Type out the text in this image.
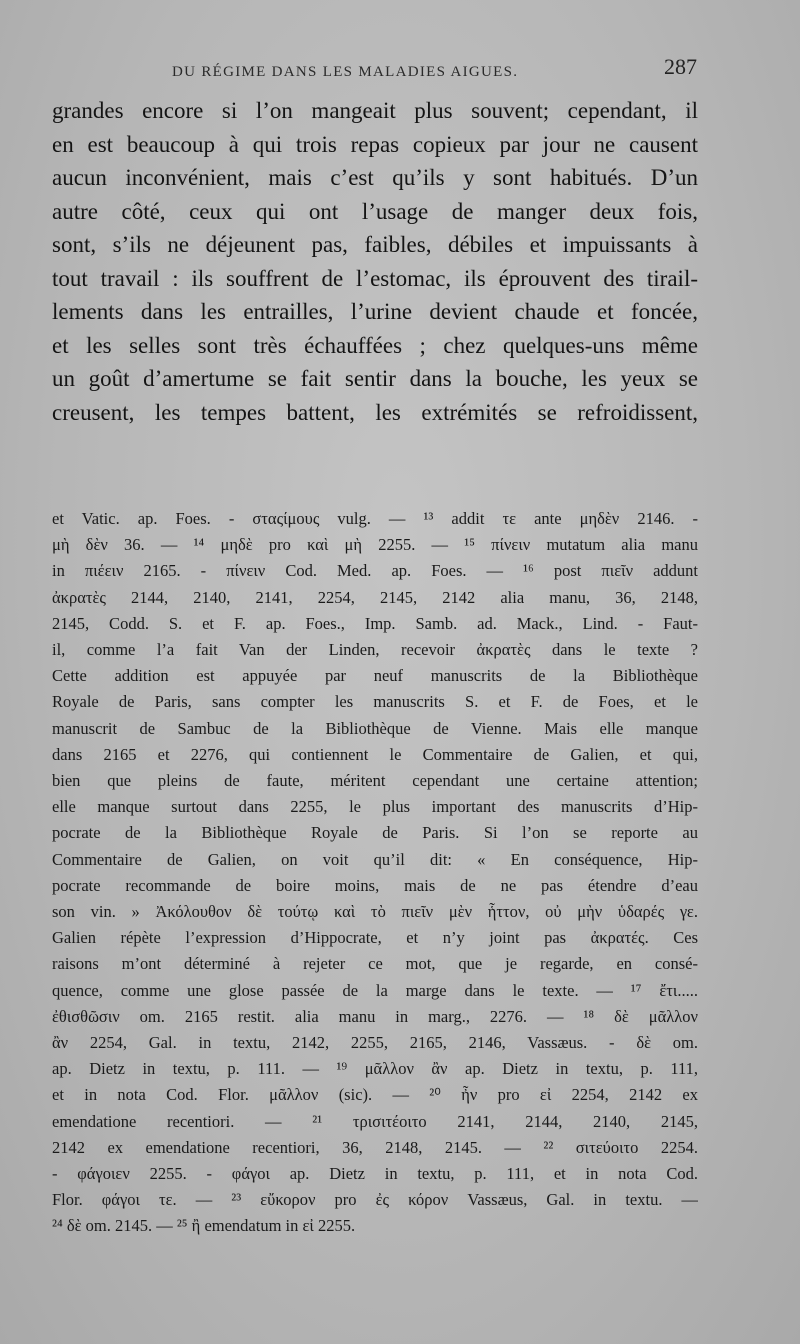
DU RÉGIME DANS LES MALADIES AIGUES.	287
grandes encore si l’on mangeait plus souvent; cependant, il
en est beaucoup à qui trois repas copieux par jour ne causent
aucun inconvénient, mais c’est qu’ils y sont habitués. D’un
autre côté, ceux qui ont l’usage de manger deux fois,
sont, s’ils ne déjeunent pas, faibles, débiles et impuissants à
tout travail : ils souffrent de l’estomac, ils éprouvent des tirail-
lements dans les entrailles, l’urine devient chaude et foncée,
et les selles sont très échauffées ; chez quelques-uns même
un goût d’amertume se fait sentir dans la bouche, les yeux se
creusent, les tempes battent, les extrémités se refroidissent,
et Vatic. ap. Foes. - σταςίμους vulg. — ¹³ addit τε ante μηδὲν 2146. -
μὴ δὲν 36. — ¹⁴ μηδὲ pro καὶ μὴ 2255. — ¹⁵ πίνειν mutatum alia manu
in πιέειν 2165. - πίνειν Cod. Med. ap. Foes. — ¹⁶ post πιεῖν addunt
ἀκρατὲς 2144, 2140, 2141, 2254, 2145, 2142 alia manu, 36, 2148,
2145, Codd. S. et F. ap. Foes., Imp. Samb. ad. Mack., Lind. - Faut-
il, comme l’a fait Van der Linden, recevoir ἀκρατὲς dans le texte ?
Cette addition est appuyée par neuf manuscrits de la Bibliothèque
Royale de Paris, sans compter les manuscrits S. et F. de Foes, et le
manuscrit de Sambuc de la Bibliothèque de Vienne. Mais elle manque
dans 2165 et 2276, qui contiennent le Commentaire de Galien, et qui,
bien que pleins de faute, méritent cependant une certaine attention;
elle manque surtout dans 2255, le plus important des manuscrits d’Hip-
pocrate de la Bibliothèque Royale de Paris. Si l’on se reporte au
Commentaire de Galien, on voit qu’il dit: « En conséquence, Hip-
pocrate recommande de boire moins, mais de ne pas étendre d’eau
son vin. » Ἀκόλουθον δὲ τούτῳ καὶ τὸ πιεῖν μὲν ἧττον, οὐ μὴν ὑδαρές γε.
Galien répète l’expression d’Hippocrate, et n’y joint pas ἀκρατές. Ces
raisons m’ont déterminé à rejeter ce mot, que je regarde, en consé-
quence, comme une glose passée de la marge dans le texte. — ¹⁷ ἔτι.....
ἐθισθῶσιν om. 2165 restit. alia manu in marg., 2276. — ¹⁸ δὲ μᾶλλον
ἂν 2254, Gal. in textu, 2142, 2255, 2165, 2146, Vassæus. - δὲ om.
ap. Dietz in textu, p. 111. — ¹⁹ μᾶλλον ἂν ap. Dietz in textu, p. 111,
et in nota Cod. Flor. μᾶλλον (sic). — ²⁰ ἦν pro εἰ 2254, 2142 ex
emendatione recentiori. — ²¹ τρισιτέοιτο 2141, 2144, 2140, 2145,
2142 ex emendatione recentiori, 36, 2148, 2145. — ²² σιτεύοιτο 2254.
- φάγοιεν 2255. - φάγοι ap. Dietz in textu, p. 111, et in nota Cod.
Flor. φάγοι τε. — ²³ εὔκορον pro ἐς κόρον Vassæus, Gal. in textu. —
²⁴ δὲ om. 2145. — ²⁵ ἢ emendatum in εἰ 2255.
